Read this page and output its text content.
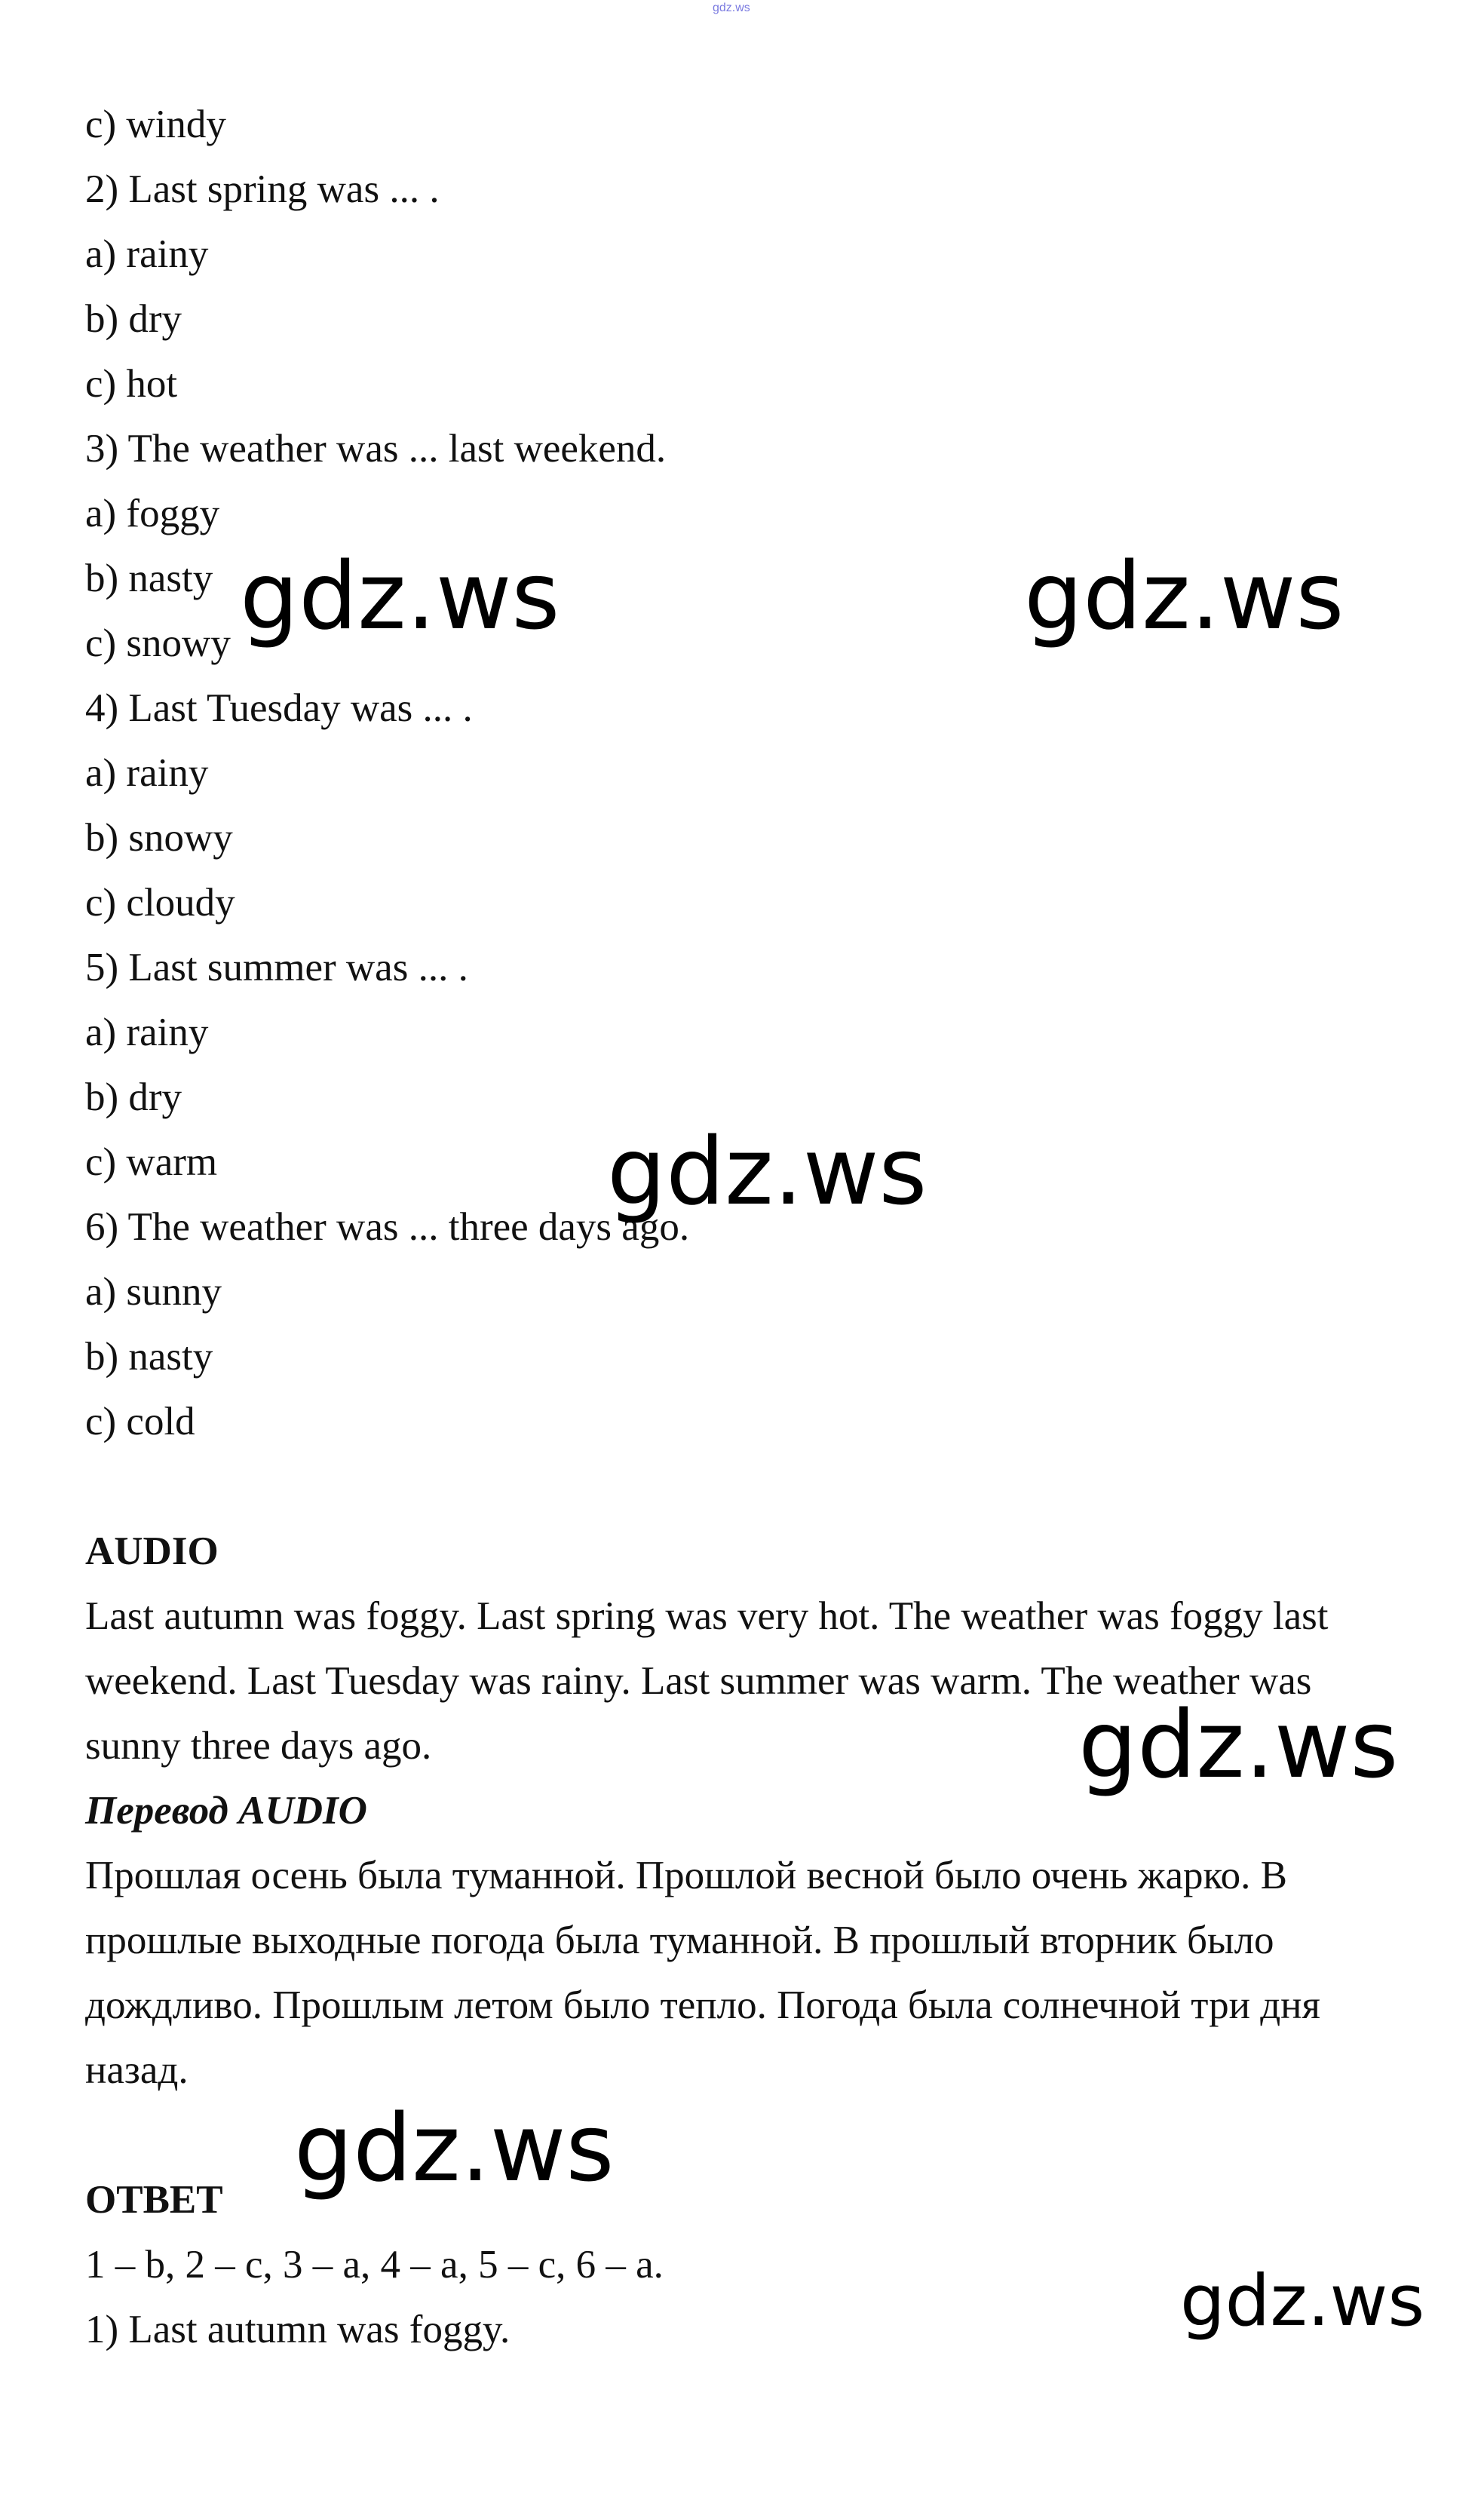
gdz.ws
c) windy
2) Last spring was ... .
a) rainy
b) dry
c) hot
3) The weather was ... last weekend.
a) foggy
b) nasty
c) snowy
4) Last Tuesday was ... .
a) rainy
b) snowy
c) cloudy
5) Last summer was ... .
a) rainy
b) dry
c) warm
6) The weather was ... three days ago.
a) sunny
b) nasty
c) cold
AUDIO
Last autumn was foggy. Last spring was very hot. The weather was foggy last weekend. Last Tuesday was rainy. Last summer was warm. The weather was sunny three days ago.
Перевод AUDIO
Прошлая осень была туманной. Прошлой весной было очень жарко. В прошлые выходные погода была туманной. В прошлый вторник было дождливо. Прошлым летом было тепло. Погода была солнечной три дня назад.
ОТВЕТ
1 – b, 2 – c, 3 – a, 4 – a, 5 – c, 6 – a.
1) Last autumn was foggy.
gdz.ws	gdz.ws
gdz.ws
gdz.ws
gdz.ws
gdz.ws
